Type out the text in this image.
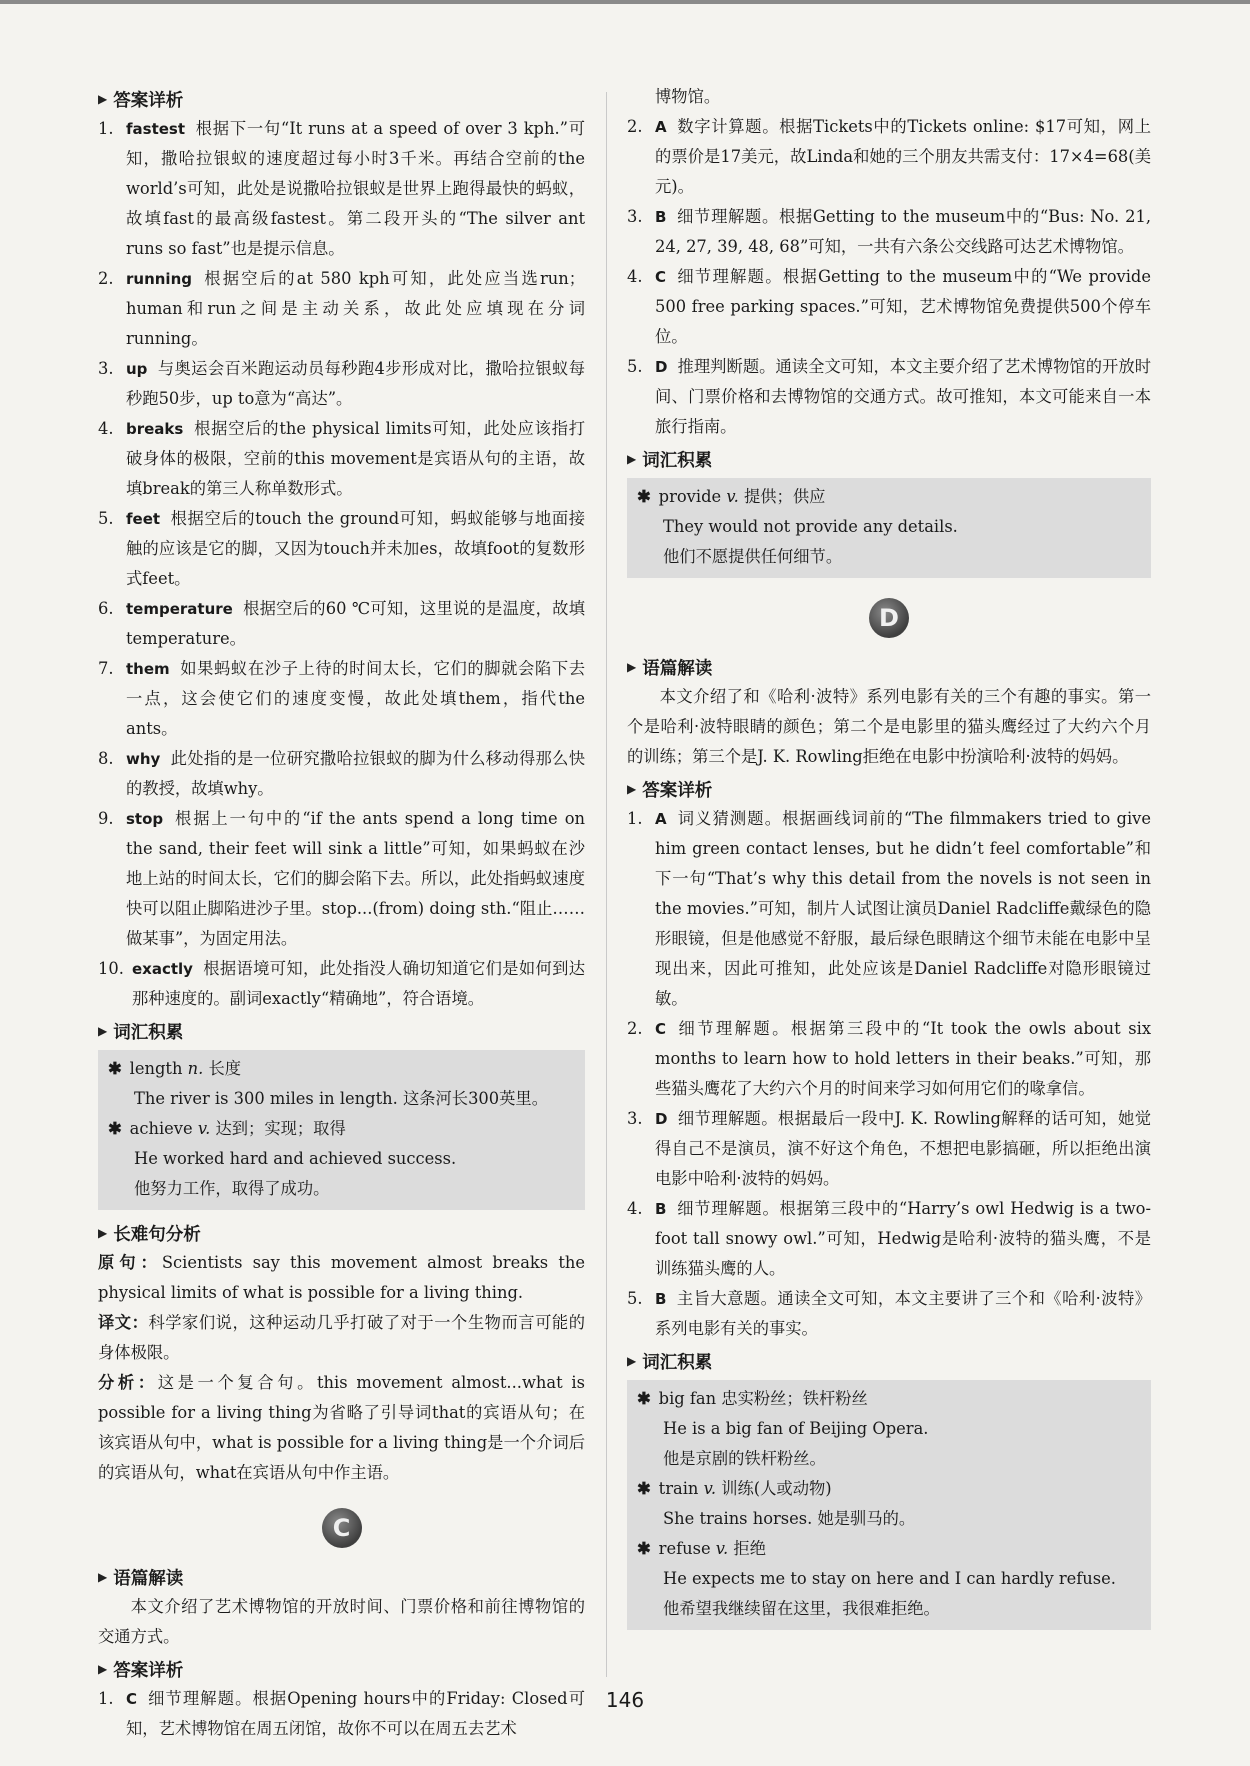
▶ 答案详析
1. fastest 根据下一句“It runs at a speed of over 3 kph.”可知，撒哈拉银蚁的速度超过每小时3千米。再结合空前的the world’s可知，此处是说撒哈拉银蚁是世界上跑得最快的蚂蚁，故填fast的最高级fastest。第二段开头的“The silver ant runs so fast”也是提示信息。
2. running 根据空后的at 580 kph可知，此处应当选run；human和run之间是主动关系，故此处应填现在分词running。
3. up 与奥运会百米跑运动员每秒跑4步形成对比，撒哈拉银蚁每秒跑50步，up to意为“高达”。
4. breaks 根据空后的the physical limits可知，此处应该指打破身体的极限，空前的this movement是宾语从句的主语，故填break的第三人称单数形式。
5. feet 根据空后的touch the ground可知，蚂蚁能够与地面接触的应该是它的脚，又因为touch并未加es，故填foot的复数形式feet。
6. temperature 根据空后的60 ℃可知，这里说的是温度，故填temperature。
7. them 如果蚂蚁在沙子上待的时间太长，它们的脚就会陷下去一点，这会使它们的速度变慢，故此处填them，指代the ants。
8. why 此处指的是一位研究撒哈拉银蚁的脚为什么移动得那么快的教授，故填why。
9. stop 根据上一句中的“if the ants spend a long time on the sand, their feet will sink a little”可知，如果蚂蚁在沙地上站的时间太长，它们的脚会陷下去。所以，此处指蚂蚁速度快可以阻止脚陷进沙子里。stop...(from) doing sth.“阻止……做某事”，为固定用法。
10. exactly 根据语境可知，此处指没人确切知道它们是如何到达那种速度的。副词exactly“精确地”，符合语境。
▶ 词汇积累

✱ length n. 长度

The river is 300 miles in length. 这条河长300英里。

✱ achieve v. 达到；实现；取得

He worked hard and achieved success.

他努力工作，取得了成功。

▶ 长难句分析

原句：Scientists say this movement almost breaks the physical limits of what is possible for a living thing.

译文：科学家们说，这种运动几乎打破了对于一个生物而言可能的身体极限。

分析：这是一个复合句。this movement almost...what is possible for a living thing为省略了引导词that的宾语从句；在该宾语从句中，what is possible for a living thing是一个介词后的宾语从句，what在宾语从句中作主语。

C
▶ 语篇解读

本文介绍了艺术博物馆的开放时间、门票价格和前往博物馆的交通方式。

▶ 答案详析
1. C 细节理解题。根据Opening hours中的Friday: Closed可知，艺术博物馆在周五闭馆，故你不可以在周五去艺术
博物馆。
2. A 数字计算题。根据Tickets中的Tickets online: $17可知，网上的票价是17美元，故Linda和她的三个朋友共需支付：17×4=68(美元)。
3. B 细节理解题。根据Getting to the museum中的“Bus: No. 21, 24, 27, 39, 48, 68”可知，一共有六条公交线路可达艺术博物馆。
4. C 细节理解题。根据Getting to the museum中的“We provide 500 free parking spaces.”可知，艺术博物馆免费提供500个停车位。
5. D 推理判断题。通读全文可知，本文主要介绍了艺术博物馆的开放时间、门票价格和去博物馆的交通方式。故可推知，本文可能来自一本旅行指南。
▶ 词汇积累

✱ provide v. 提供；供应

They would not provide any details.

他们不愿提供任何细节。

D
▶ 语篇解读

本文介绍了和《哈利·波特》系列电影有关的三个有趣的事实。第一个是哈利·波特眼睛的颜色；第二个是电影里的猫头鹰经过了大约六个月的训练；第三个是J. K. Rowling拒绝在电影中扮演哈利·波特的妈妈。

▶ 答案详析
1. A 词义猜测题。根据画线词前的“The filmmakers tried to give him green contact lenses, but he didn’t feel comfortable”和下一句“That’s why this detail from the novels is not seen in the movies.”可知，制片人试图让演员Daniel Radcliffe戴绿色的隐形眼镜，但是他感觉不舒服，最后绿色眼睛这个细节未能在电影中呈现出来，因此可推知，此处应该是Daniel Radcliffe对隐形眼镜过敏。
2. C 细节理解题。根据第三段中的“It took the owls about six months to learn how to hold letters in their beaks.”可知，那些猫头鹰花了大约六个月的时间来学习如何用它们的喙拿信。
3. D 细节理解题。根据最后一段中J. K. Rowling解释的话可知，她觉得自己不是演员，演不好这个角色，不想把电影搞砸，所以拒绝出演电影中哈利·波特的妈妈。
4. B 细节理解题。根据第三段中的“Harry’s owl Hedwig is a two-foot tall snowy owl.”可知，Hedwig是哈利·波特的猫头鹰，不是训练猫头鹰的人。
5. B 主旨大意题。通读全文可知，本文主要讲了三个和《哈利·波特》系列电影有关的事实。
▶ 词汇积累

✱ big fan 忠实粉丝；铁杆粉丝

He is a big fan of Beijing Opera.

他是京剧的铁杆粉丝。

✱ train v. 训练(人或动物)

She trains horses. 她是驯马的。

✱ refuse v. 拒绝

He expects me to stay on here and I can hardly refuse.

他希望我继续留在这里，我很难拒绝。

146
